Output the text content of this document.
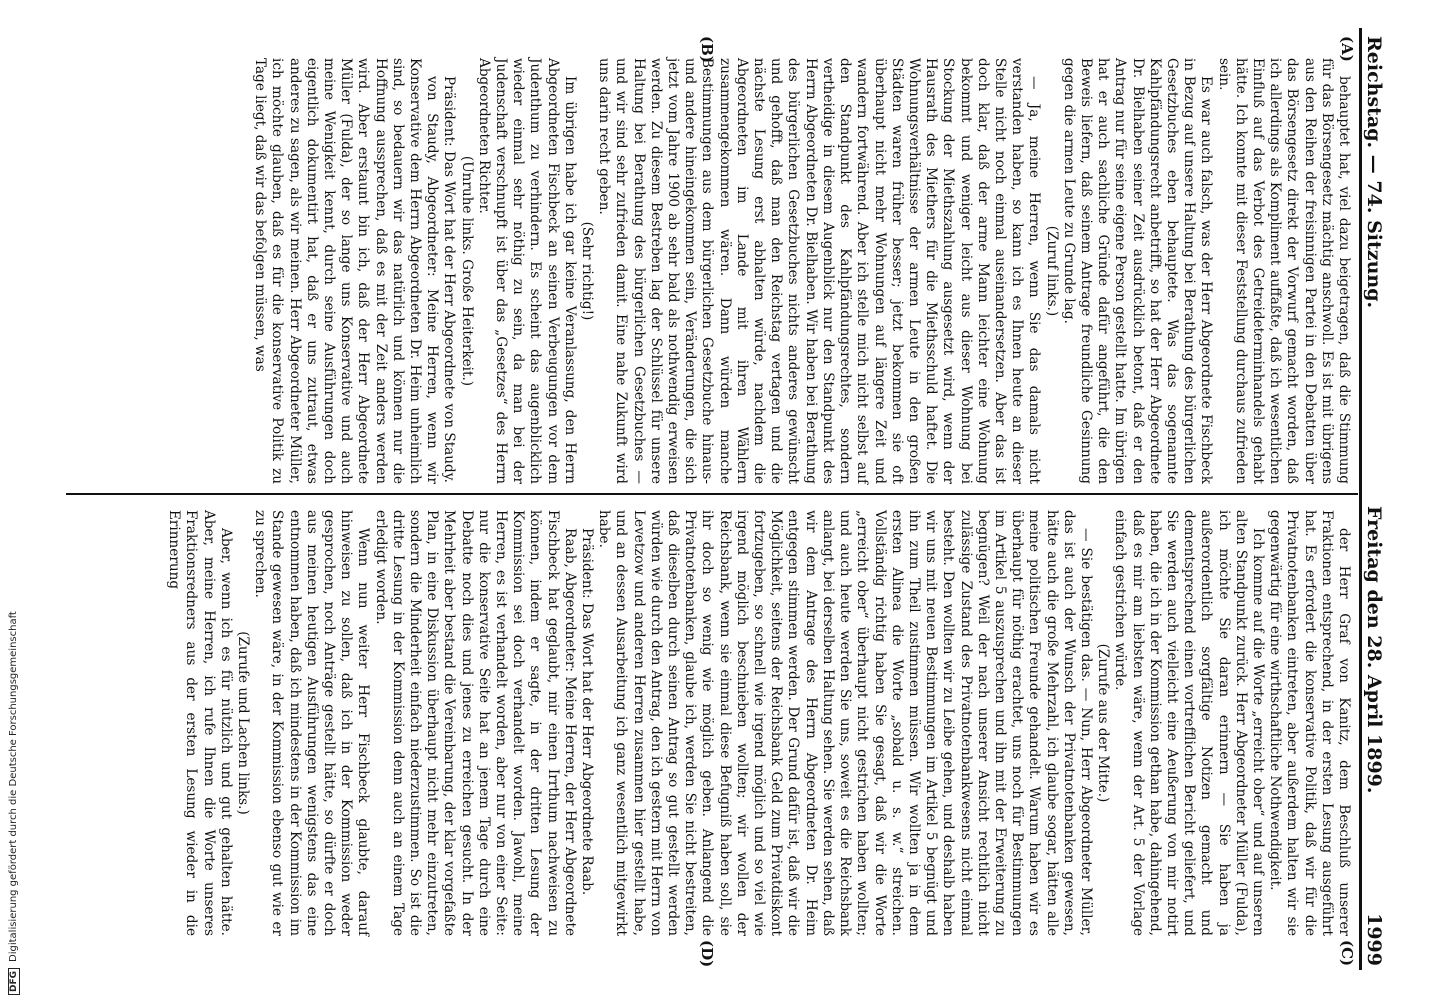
Reichstag. — 74. Sitzung.
Freitag den 28. April 1899.
1999
(A)
(B)
(C)
(D)

behauptet hat, viel dazu beigetragen, daß die Stimmung für das Börsengesetz mächtig anschwoll. Es ist mit übrigens aus den Reihen der freisinnigen Partei in den Debatten über das Börsengesetz direkt der Vorwurf gemacht worden, daß ich allerdings als Kompliment auffaßte, daß ich wesentlichen Einfluß auf das Verbot des Getreideterminhandels gehabt hätte. Ich konnte mit dieser Feststellung durchaus zufrieden sein.

Es war auch falsch, was der Herr Abgeordnete Fischbeck in Bezug auf unsere Haltung bei Berathung des bürgerlichen Gesetzbuches eben behauptete. Was das sogenannte Kahlpfändungsrecht anbetrifft, so hat der Herr Abgeordnete Dr. Bielhaben seiner Zeit ausdrücklich betont, daß er den Antrag nur für seine eigene Person gestellt hatte. Im übrigen hat er auch sachliche Gründe dafür angeführt, die den Beweis liefern, daß seinem Antrage freundliche Gesinnung gegen die armen Leute zu Grunde lag.

(Zuruf links.)

— Ja, meine Herren, wenn Sie das damals nicht verstanden haben, so kann ich es Ihnen heute an dieser Stelle nicht noch einmal auseinandersetzen. Aber das ist doch klar, daß der arme Mann leichter eine Wohnung bekommt und weniger leicht aus dieser Wohnung bei Stockung der Miethszahlung ausgesetzt wird, wenn der Hausrath des Miethers für die Miethsschuld haftet. Die Wohnungsverhältnisse der armen Leute in den großen Städten waren früher besser; jetzt bekommen sie oft überhaupt nicht mehr Wohnungen auf längere Zeit und wandern fortwährend. Aber ich stelle mich nicht selbst auf den Standpunkt des Kahlpfändungsrechtes, sondern vertheidige in diesem Augenblick nur den Standpunkt des Herrn Abgeordneten Dr. Bielhaben. Wir haben bei Berathung des bürgerlichen Gesetzbuches nichts anderes gewünscht und gehofft, daß man den Reichstag vertagen und die nächste Lesung erst abhalten würde, nachdem die Abgeordneten im Lande mit ihren Wählern zusammengekommen wären. Dann würden manche Bestimmungen aus dem bürgerlichen Gesetzbuche hinaus- und andere hineingekommen sein, Veränderungen, die sich jetzt vom Jahre 1900 ab sehr bald als nothwendig erweisen werden. Zu diesem Bestreben lag der Schlüssel für unsere Haltung bei Berathung des bürgerlichen Gesetzbuches — und wir sind sehr zufrieden damit. Eine nahe Zukunft wird uns darin recht geben.

(Sehr richtig!)

Im übrigen habe ich gar keine Veranlassung, den Herrn Abgeordneten Fischbeck an seinen Verbeugungen vor dem Judenthum zu verhindern. Es scheint das augenblicklich wieder einmal sehr nöthig zu sein, da man bei der Judenschaft verschnupft ist über das „Gesetzes“ des Herrn Abgeordneten Richter.

(Unruhe links. Große Heiterkeit.)

Präsident: Das Wort hat der Herr Abgeordnete von Staudy.

von Staudy, Abgeordneter: Meine Herren, wenn wir Konservative dem Herrn Abgeordneten Dr. Heim unheimlich sind, so bedauern wir das natürlich und können nur die Hoffnung aussprechen, daß es mit der Zeit anders werden wird. Aber erstaunt bin ich, daß der Herr Abgeordnete Müller (Fulda), der so lange uns Konservative und auch meine Wenigkeit kennt, durch seine Ausführungen doch eigentlich dokumentirt hat, daß er uns zutraut, etwas anderes zu sagen, als wir meinen. Herr Abgeordneter Müller, ich möchte glauben, daß es für die konservative Politik zu Tage liegt, daß wir das befolgen müssen, was

der Herr Graf von Kanitz, dem Beschluß unserer Fraktionen entsprechend, in der ersten Lesung ausgeführt hat. Es erfordert die konservative Politik, daß wir für die Privatnotenbanken eintreten, aber außerdem halten wir sie gegenwärtig für eine wirthschaftliche Nothwendigkeit.

Ich komme auf die Worte „erreicht ober“ und auf unseren alten Standpunkt zurück. Herr Abgeordneter Müller (Fulda), ich möchte Sie daran erinnern — Sie haben ja außerordentlich sorgfältige Notizen gemacht und dementsprechend einen vortrefflichen Bericht geliefert, und Sie werden auch vielleicht eine Aeußerung von mir notirt haben, die ich in der Kommission gethan habe, dahingehend, daß es mir am liebsten wäre, wenn der Art. 5 der Vorlage einfach gestrichen würde.

(Zurufe aus der Mitte.)

— Sie bestätigen das. — Nun, Herr Abgeordneter Müller, das ist auch der Wunsch der Privatnotenbanken gewesen, hätte auch die große Mehrzahl, ich glaube sogar, hätten alle meine politischen Freunde gehandelt. Warum haben wir es überhaupt für nöthig erachtet, uns noch für Bestimmungen im Artikel 5 auszusprechen und ihn mit der Erweiterung zu begnügen? Weil der nach unserer Ansicht rechtlich nicht zulässige Zustand des Privatnotenbankwesens nicht einmal besteht. Den wollten wir zu Leibe gehen, und deshalb haben wir uns mit neuen Bestimmungen im Artikel 5 begnügt und ihn zum Theil zustimmen müssen. Wir wollten ja in dem ersten Alinea die Worte „sobald u. s. w.“ streichen. Vollständig richtig haben Sie gesagt, daß wir die Worte „erreicht ober“ überhaupt nicht gestrichen haben wollten; und auch heute werden Sie uns, soweit es die Reichsbank anlangt, bei derselben Haltung sehen. Sie werden sehen, daß wir dem Antrage des Herrn Abgeordneten Dr. Heim entgegen stimmen werden. Der Grund dafür ist, daß wir die Möglichkeit, seitens der Reichsbank Geld zum Privatdiskont fortzugeben, so schnell wie irgend möglich und so viel wie irgend möglich beschnieben wollten; wir wollen der Reichsbank, wenn sie einmal diese Befugniß haben soll, sie ihr doch so wenig wie möglich geben. Anlangend die Privatnotenbanken, glaube ich, werden Sie nicht bestreiten, daß dieselben durch seinen Antrag so gut gestellt werden würden wie durch den Antrag, den ich gestern mit Herrn von Levetzow und anderen Herren zusammen hier gestellt habe, und an dessen Ausarbeitung ich ganz wesentlich mitgewirkt habe.

Präsident: Das Wort hat der Herr Abgeordnete Raab.

Raab, Abgeordneter: Meine Herren, der Herr Abgeordnete Fischbeck hat geglaubt, mir einen Irrthum nachweisen zu können, indem er sagte, in der dritten Lesung der Kommission sei doch verhandelt worden. Jawohl, meine Herren, es ist verhandelt worden, aber nur von einer Seite: nur die konservative Seite hat an jenem Tage durch eine Debatte noch dies und jenes zu erreichen gesucht. In der Mehrheit aber bestand die Vereinbarung, der klar vorgefaßte Plan, in eine Diskussion überhaupt nicht mehr einzutreten, sondern die Minderheit einfach niederzustimmen. So ist die dritte Lesung in der Kommission denn auch an einem Tage erledigt worden.

Wenn nun weiter Herr Fischbeck glaubte, darauf hinweisen zu sollen, daß ich in der Kommission weder gesprochen, noch Anträge gestellt hätte, so dürfte er doch aus meinen heutigen Ausführungen wenigstens das eine entnommen haben, daß ich mindestens in der Kommission im Stande gewesen wäre, in der Kommission ebenso gut wie er zu sprechen.

(Zurufe und Lachen links.)

Aber, wenn ich es für nützlich und gut gehalten hätte. Aber, meine Herren, ich rufe Ihnen die Worte unseres Fraktionsredners aus der ersten Lesung wieder in die Erinnerung

DFGDigitalisierung gefördert durch die Deutsche Forschungsgemeinschaft
